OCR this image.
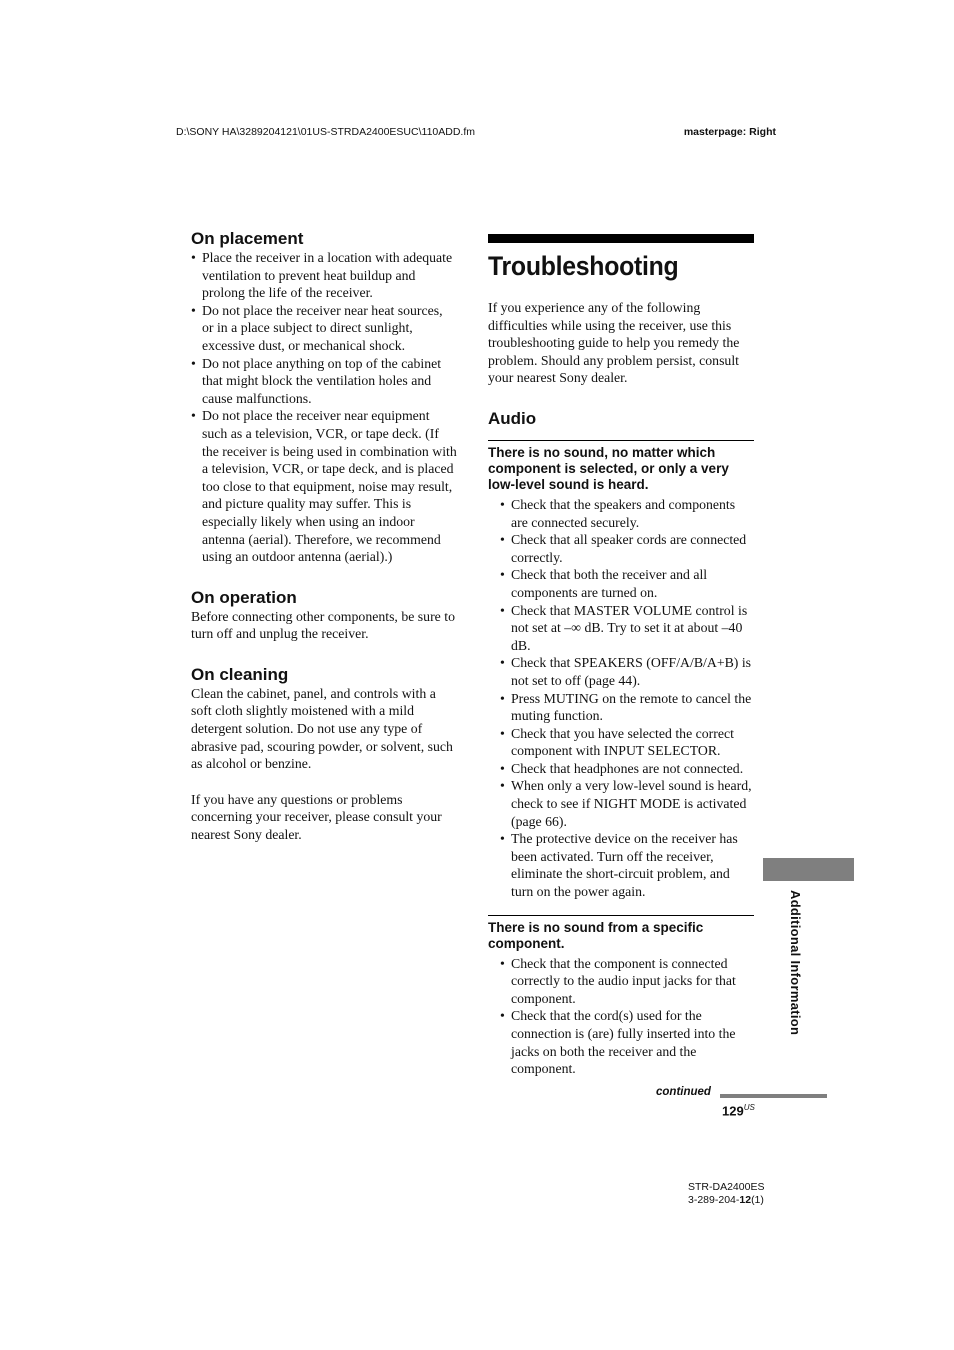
D:\SONY HA\3289204121\01US-STRDA2400ESUC\110ADD.fm	masterpage: Right
On placement
• Place the receiver in a location with adequate ventilation to prevent heat buildup and prolong the life of the receiver.
• Do not place the receiver near heat sources, or in a place subject to direct sunlight, excessive dust, or mechanical shock.
• Do not place anything on top of the cabinet that might block the ventilation holes and cause malfunctions.
• Do not place the receiver near equipment such as a television, VCR, or tape deck. (If the receiver is being used in combination with a television, VCR, or tape deck, and is placed too close to that equipment, noise may result, and picture quality may suffer. This is especially likely when using an indoor antenna (aerial). Therefore, we recommend using an outdoor antenna (aerial).)
On operation

Before connecting other components, be sure to turn off and unplug the receiver.

On cleaning

Clean the cabinet, panel, and controls with a soft cloth slightly moistened with a mild detergent solution. Do not use any type of abrasive pad, scouring powder, or solvent, such as alcohol or benzine.

If you have any questions or problems concerning your receiver, please consult your nearest Sony dealer.

Troubleshooting

If you experience any of the following difficulties while using the receiver, use this troubleshooting guide to help you remedy the problem. Should any problem persist, consult your nearest Sony dealer.

Audio
There is no sound, no matter which component is selected, or only a very low-level sound is heard.
• Check that the speakers and components are connected securely.
• Check that all speaker cords are connected correctly.
• Check that both the receiver and all components are turned on.
• Check that MASTER VOLUME control is not set at –∞ dB. Try to set it at about –40 dB.
• Check that SPEAKERS (OFF/A/B/A+B) is not set to off (page 44).
• Press MUTING on the remote to cancel the muting function.
• Check that you have selected the correct component with INPUT SELECTOR.
• Check that headphones are not connected.
• When only a very low-level sound is heard, check to see if NIGHT MODE is activated (page 66).
• The protective device on the receiver has been activated. Turn off the receiver, eliminate the short-circuit problem, and turn on the power again.
There is no sound from a specific component.
• Check that the component is connected correctly to the audio input jacks for that component.
• Check that the cord(s) used for the connection is (are) fully inserted into the jacks on both the receiver and the component.
Additional Information
continued
$129^{US}$
STR-DA2400ES
3-289-204-12(1)
